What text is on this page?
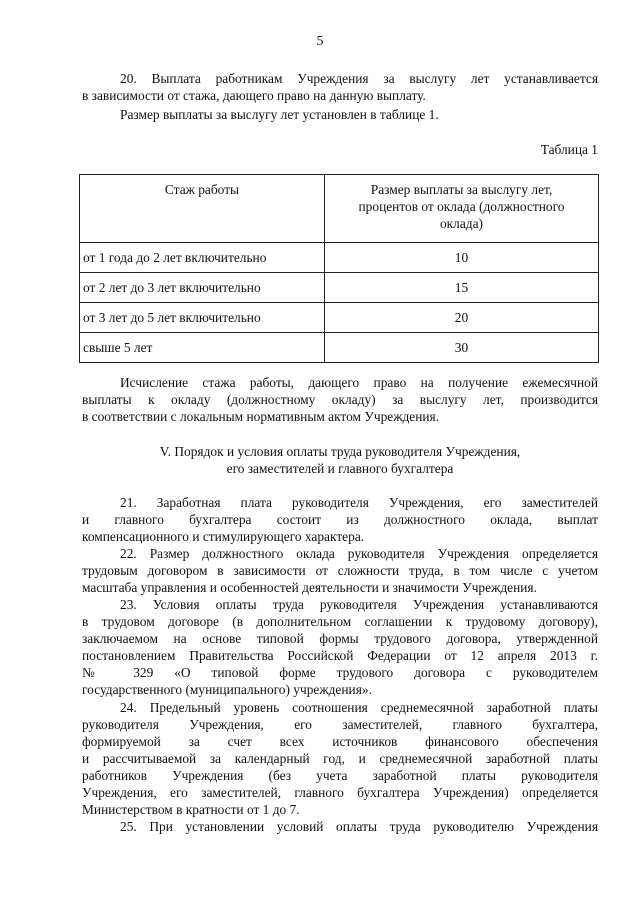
5
20. Выплата работникам Учреждения за выслугу лет устанавливается
в зависимости от стажа, дающего право на данную выплату.
Размер выплаты за выслугу лет установлен в таблице 1.
Таблица 1
Стаж работы	Размер выплаты за выслугу лет,
процентов от оклада (должностного
оклада)

от 1 года до 2 лет включительно	10
от 2 лет до 3 лет включительно	15
от 3 лет до 5 лет включительно	20
свыше 5 лет	30
Исчисление стажа работы, дающего право на получение ежемесячной
выплаты к окладу (должностному окладу) за выслугу лет, производится
в соответствии с локальным нормативным актом Учреждения.
V. Порядок и условия оплаты труда руководителя Учреждения,
его заместителей и главного бухгалтера
21. Заработная плата руководителя Учреждения, его заместителей
и главного бухгалтера состоит из должностного оклада, выплат
компенсационного и стимулирующего характера.
22. Размер должностного оклада руководителя Учреждения определяется
трудовым договором в зависимости от сложности труда, в том числе с учетом
масштаба управления и особенностей деятельности и значимости Учреждения.
23. Условия оплаты труда руководителя Учреждения устанавливаются
в трудовом договоре (в дополнительном соглашении к трудовому договору),
заключаемом на основе типовой формы трудового договора, утвержденной
постановлением Правительства Российской Федерации от 12 апреля 2013 г.
№ 329 «О типовой форме трудового договора с руководителем
государственного (муниципального) учреждения».
24. Предельный уровень соотношения среднемесячной заработной платы
руководителя Учреждения, его заместителей, главного бухгалтера,
формируемой за счет всех источников финансового обеспечения
и рассчитываемой за календарный год, и среднемесячной заработной платы
работников Учреждения (без учета заработной платы руководителя
Учреждения, его заместителей, главного бухгалтера Учреждения) определяется
Министерством в кратности от 1 до 7.
25. При установлении условий оплаты труда руководителю Учреждения
